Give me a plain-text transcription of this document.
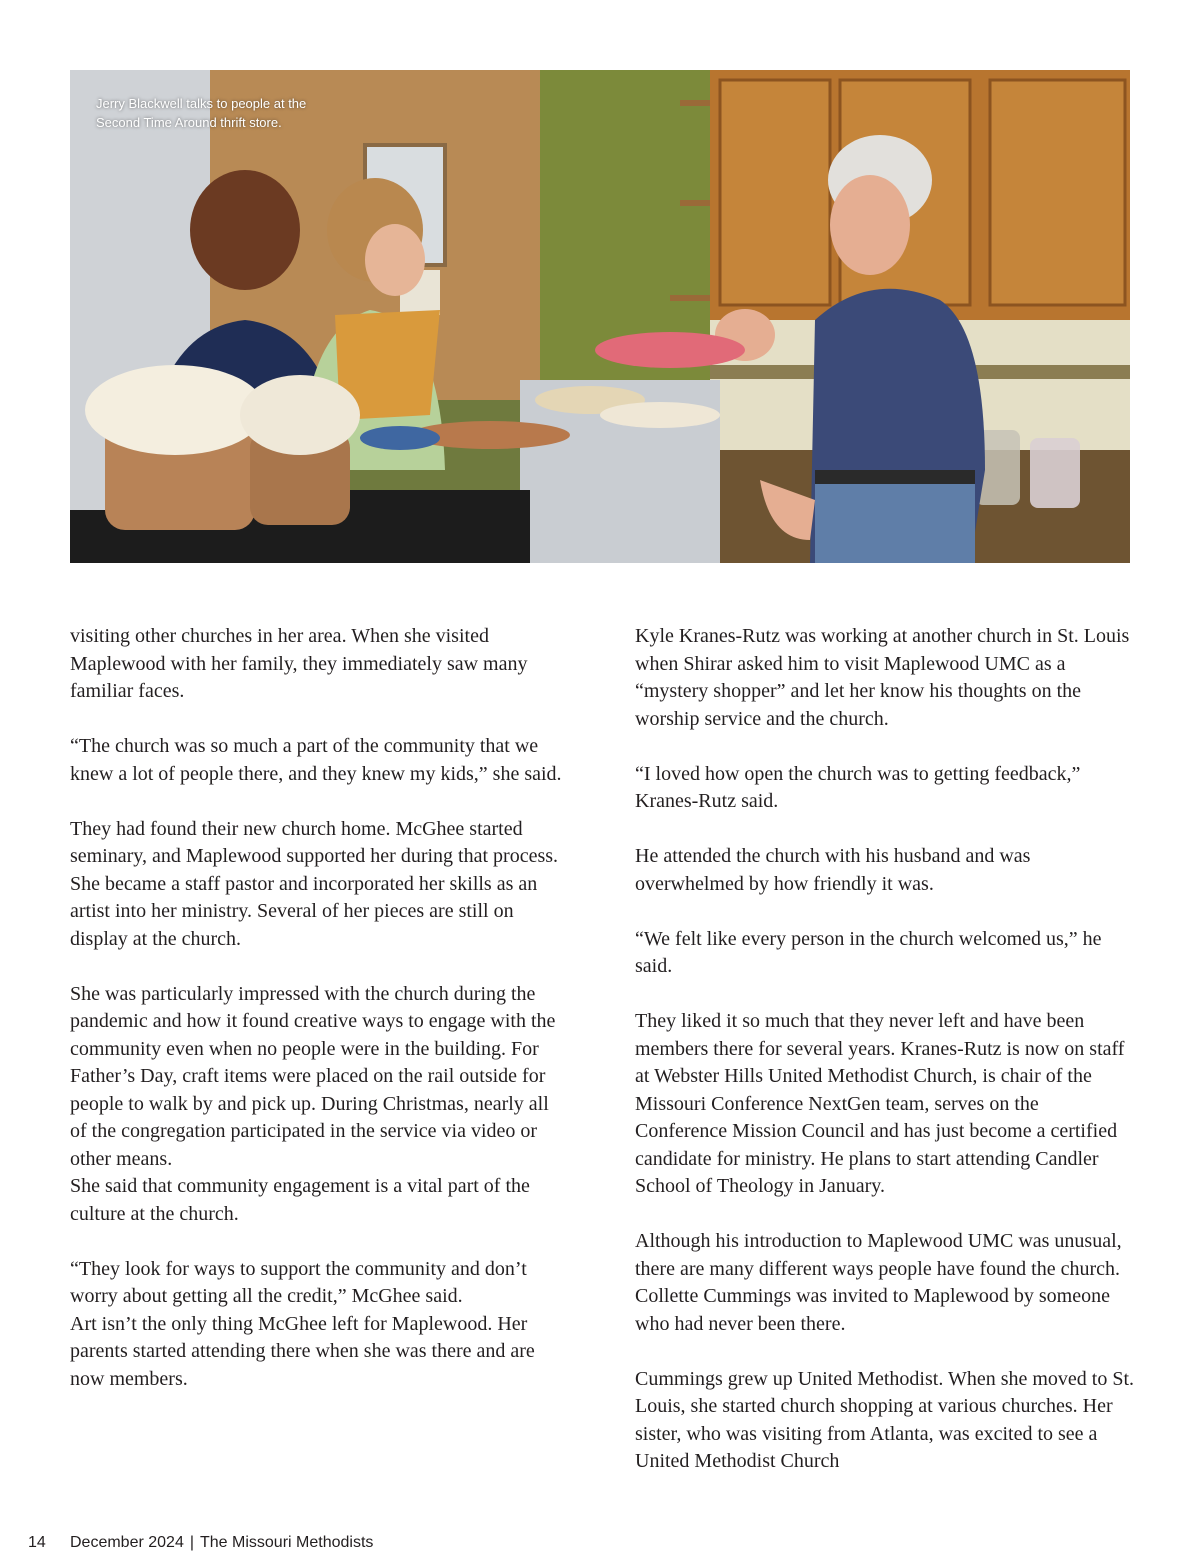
Jerry Blackwell talks to people at the
Second Time Around thrift store.

visiting other churches in her area. When she visited Maplewood with her family, they immediately saw many familiar faces.

“The church was so much a part of the community that we knew a lot of people there, and they knew my kids,” she said.

They had found their new church home. McGhee started seminary, and Maplewood supported her during that process. She became a staff pastor and incorporated her skills as an artist into her ministry. Several of her pieces are still on display at the church.

She was particularly impressed with the church during the pandemic and how it found creative ways to engage with the community even when no people were in the building. For Father’s Day, craft items were placed on the rail outside for people to walk by and pick up. During Christmas, nearly all of the congregation participated in the service via video or other means.

She said that community engagement is a vital part of the culture at the church.

“They look for ways to support the community and don’t worry about getting all the credit,” McGhee said.

Art isn’t the only thing McGhee left for Maplewood. Her parents started attending there when she was there and are now members.

Kyle Kranes-Rutz was working at another church in St. Louis when Shirar asked him to visit Maplewood UMC as a “mystery shopper” and let her know his thoughts on the worship service and the church.

“I loved how open the church was to getting feedback,” Kranes-Rutz said.

He attended the church with his husband and was overwhelmed by how friendly it was.

“We felt like every person in the church welcomed us,” he said.

They liked it so much that they never left and have been members there for several years. Kranes-Rutz is now on staff at Webster Hills United Methodist Church, is chair of the Missouri Conference NextGen team, serves on the Conference Mission Council and has just become a certified candidate for ministry. He plans to start attending Candler School of Theology in January.

Although his introduction to Maplewood UMC was unusual, there are many different ways people have found the church. Collette Cummings was invited to Maplewood by someone who had never been there.

Cummings grew up United Methodist. When she moved to St. Louis, she started church shopping at various churches. Her sister, who was visiting from Atlanta, was excited to see a United Methodist Church

14 December 2024 | The Missouri Methodists
